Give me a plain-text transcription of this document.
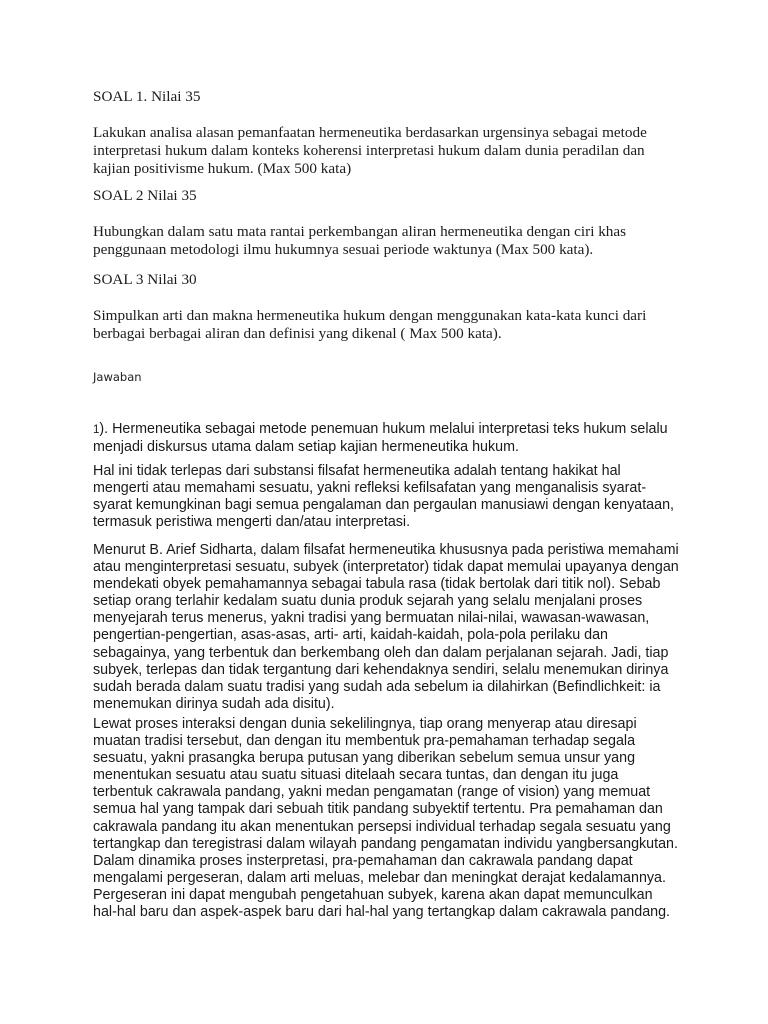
SOAL 1. Nilai 35

Lakukan analisa alasan pemanfaatan hermeneutika berdasarkan urgensinya sebagai metode
interpretasi hukum dalam konteks koherensi interpretasi hukum dalam dunia peradilan dan
kajian positivisme hukum. (Max 500 kata)

SOAL 2 Nilai 35

Hubungkan dalam satu mata rantai perkembangan aliran hermeneutika dengan ciri khas
penggunaan metodologi ilmu hukumnya sesuai periode waktunya (Max 500 kata).

SOAL 3 Nilai 30

Simpulkan arti dan makna hermeneutika hukum dengan menggunakan kata-kata kunci dari
berbagai berbagai aliran dan definisi yang dikenal ( Max 500 kata).

Jawaban

1). Hermeneutika sebagai metode penemuan hukum melalui interpretasi teks hukum selalu
menjadi diskursus utama dalam setiap kajian hermeneutika hukum.

Hal ini tidak terlepas dari substansi filsafat hermeneutika adalah tentang hakikat hal
mengerti atau memahami sesuatu, yakni refleksi kefilsafatan yang menganalisis syarat-
syarat kemungkinan bagi semua pengalaman dan pergaulan manusiawi dengan kenyataan,
termasuk peristiwa mengerti dan/atau interpretasi.

Menurut B. Arief Sidharta, dalam filsafat hermeneutika khususnya pada peristiwa memahami
atau menginterpretasi sesuatu, subyek (interpretator) tidak dapat memulai upayanya dengan
mendekati obyek pemahamannya sebagai tabula rasa (tidak bertolak dari titik nol). Sebab
setiap orang terlahir kedalam suatu dunia produk sejarah yang selalu menjalani proses
menyejarah terus menerus, yakni tradisi yang bermuatan nilai-nilai, wawasan-wawasan,
pengertian-pengertian, asas-asas, arti- arti, kaidah-kaidah, pola-pola perilaku dan
sebagainya, yang terbentuk dan berkembang oleh dan dalam perjalanan sejarah. Jadi, tiap
subyek, terlepas dan tidak tergantung dari kehendaknya sendiri, selalu menemukan dirinya
sudah berada dalam suatu tradisi yang sudah ada sebelum ia dilahirkan (Befindlichkeit: ia
menemukan dirinya sudah ada disitu).

Lewat proses interaksi dengan dunia sekelilingnya, tiap orang menyerap atau diresapi
muatan tradisi tersebut, dan dengan itu membentuk pra-pemahaman terhadap segala
sesuatu, yakni prasangka berupa putusan yang diberikan sebelum semua unsur yang
menentukan sesuatu atau suatu situasi ditelaah secara tuntas, dan dengan itu juga
terbentuk cakrawala pandang, yakni medan pengamatan (range of vision) yang memuat
semua hal yang tampak dari sebuah titik pandang subyektif tertentu. Pra pemahaman dan
cakrawala pandang itu akan menentukan persepsi individual terhadap segala sesuatu yang
tertangkap dan teregistrasi dalam wilayah pandang pengamatan individu yangbersangkutan.
Dalam dinamika proses insterpretasi, pra-pemahaman dan cakrawala pandang dapat
mengalami pergeseran, dalam arti meluas, melebar dan meningkat derajat kedalamannya.
Pergeseran ini dapat mengubah pengetahuan subyek, karena akan dapat memunculkan
hal-hal baru dan aspek-aspek baru dari hal-hal yang tertangkap dalam cakrawala pandang.
